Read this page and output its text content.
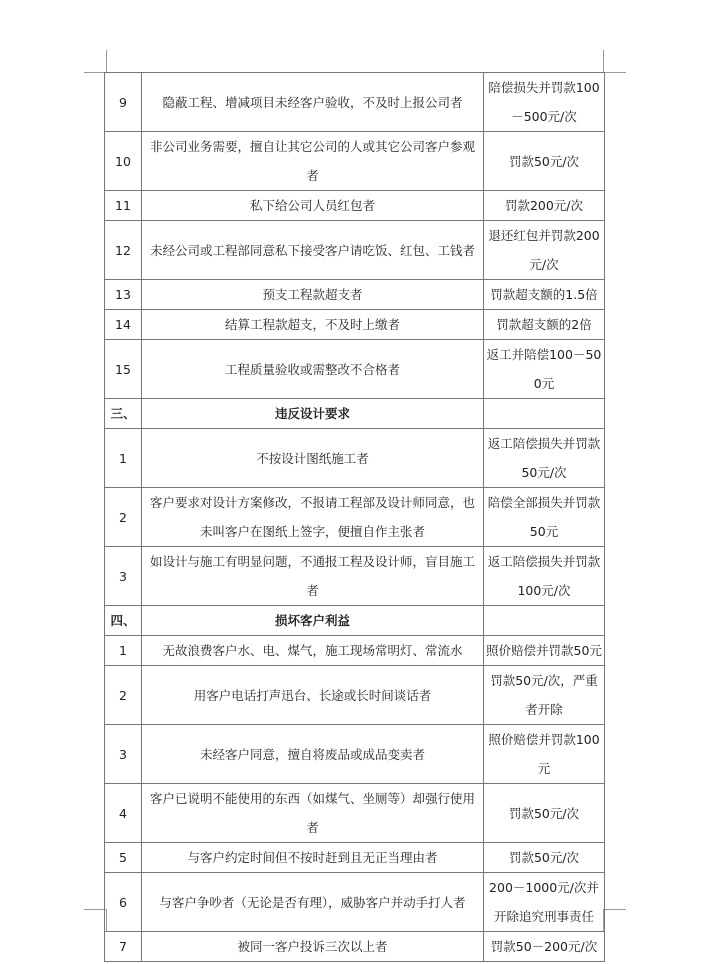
9	隐蔽工程、增减项目未经客户验收，不及时上报公司者	陪偿损失并罚款100－500元/次
10	非公司业务需要，擅自让其它公司的人或其它公司客户参观者	罚款50元/次
11	私下给公司人员红包者	罚款200元/次
12	未经公司或工程部同意私下接受客户请吃饭、红包、工钱者	退还红包并罚款200元/次
13	预支工程款超支者	罚款超支额的1.5倍
14	结算工程款超支，不及时上缴者	罚款超支额的2倍
15	工程质量验收或需整改不合格者	返工并陪偿100－500元
三、	违反设计要求	
1	不按设计图纸施工者	返工陪偿损失并罚款50元/次
2	客户要求对设计方案修改，不报请工程部及设计师同意，也未叫客户在图纸上签字，便擅自作主张者	陪偿全部损失并罚款50元
3	如设计与施工有明显问题，不通报工程及设计师，盲目施工者	返工陪偿损失并罚款100元/次
四、	损坏客户利益	
1	无故浪费客户水、电、煤气，施工现场常明灯、常流水	照价赔偿并罚款50元
2	用客户电话打声迅台、长途或长时间谈话者	罚款50元/次，严重者开除
3	未经客户同意，擅自将废品或成品变卖者	照价赔偿并罚款100元
4	客户已说明不能使用的东西（如煤气、坐厕等）却强行使用者	罚款50元/次
5	与客户约定时间但不按时赶到且无正当理由者	罚款50元/次
6	与客户争吵者（无论是否有理），威胁客户并动手打人者	200－1000元/次并开除追究刑事责任
7	被同一客户投诉三次以上者	罚款50－200元/次
